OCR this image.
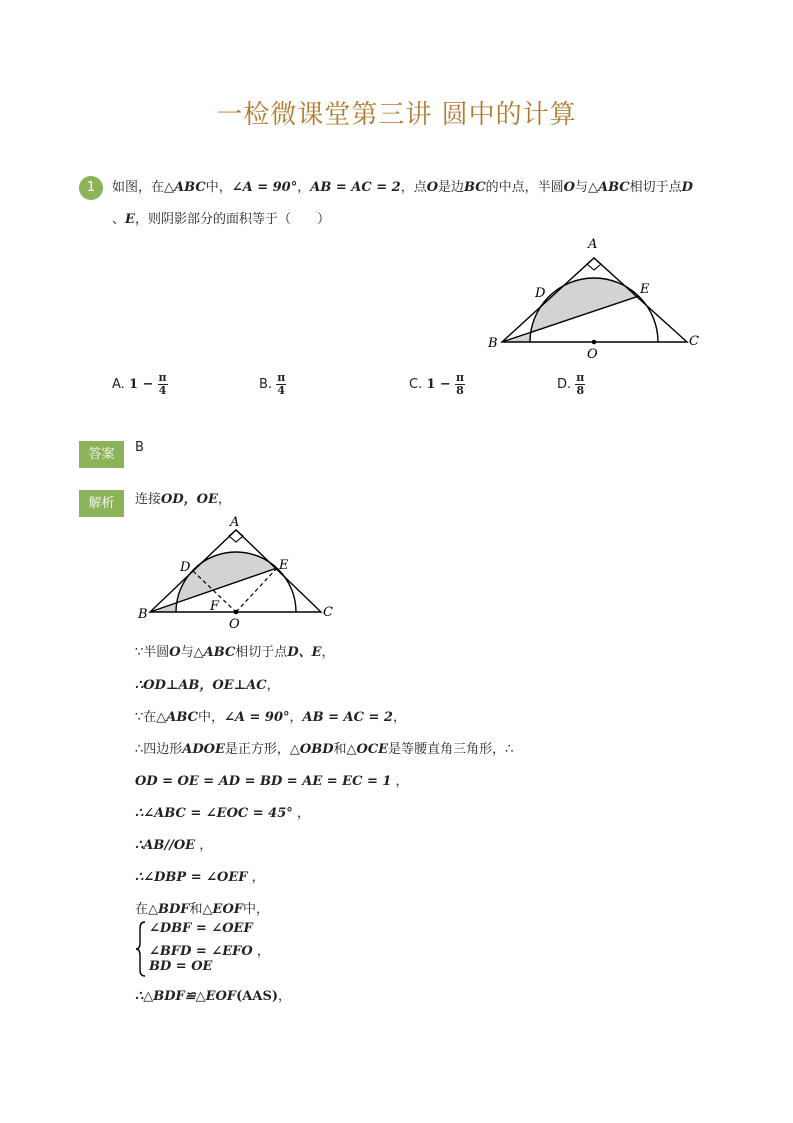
一检微课堂第三讲 圆中的计算
1	如图，在△ABC中，∠A = 90°，AB = AC = 2，点O是边BC的中点，半圆O与△ABC相切于点D
、E，则阴影部分的面积等于（　　）
A
B	C
D	E
O
A. $1 - \frac{\pi}{4}$	B. $\frac{\pi}{4}$	C. $1 - \frac{\pi}{8}$	D. $\frac{\pi}{8}$
答案	B
解析	连接OD，OE，
A
B	C
D	E
F
O
∵半圆O与△ABC相切于点D、E，
∴OD⊥AB，OE⊥AC，
∵在△ABC中，∠A = 90°，AB = AC = 2，
∴四边形ADOE是正方形，△OBD和△OCE是等腰直角三角形，∴
OD = OE = AD = BD = AE = EC = 1 ，
∴∠ABC = ∠EOC = 45° ，
∴AB//OE ，
∴∠DBP = ∠OEF ，
在△BDF和△EOF中，
∠DBF = ∠OEF
∠BFD = ∠EFO ，
BD = OE
∴△BDF≌△EOF(AAS)，
